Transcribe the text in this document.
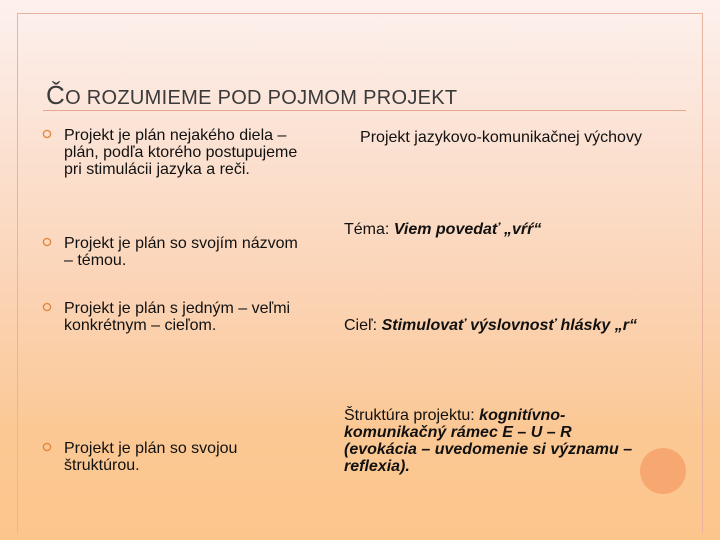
ČO ROZUMIEME POD POJMOM PROJEKT
Projekt je plán nejakého diela – plán, podľa ktorého postupujeme pri stimulácii jazyka a reči.
Projekt je plán so svojím názvom – témou.
Projekt je plán s jedným – veľmi konkrétnym – cieľom.
Projekt je plán so svojou štruktúrou.
Projekt jazykovo-komunikačnej výchovy
Téma: Viem povedať „vŕŕ“
Cieľ: Stimulovať výslovnosť hlásky „r“
Štruktúra projektu: kognitívno-komunikačný rámec E – U – R (evokácia – uvedomenie si významu – reflexia).
